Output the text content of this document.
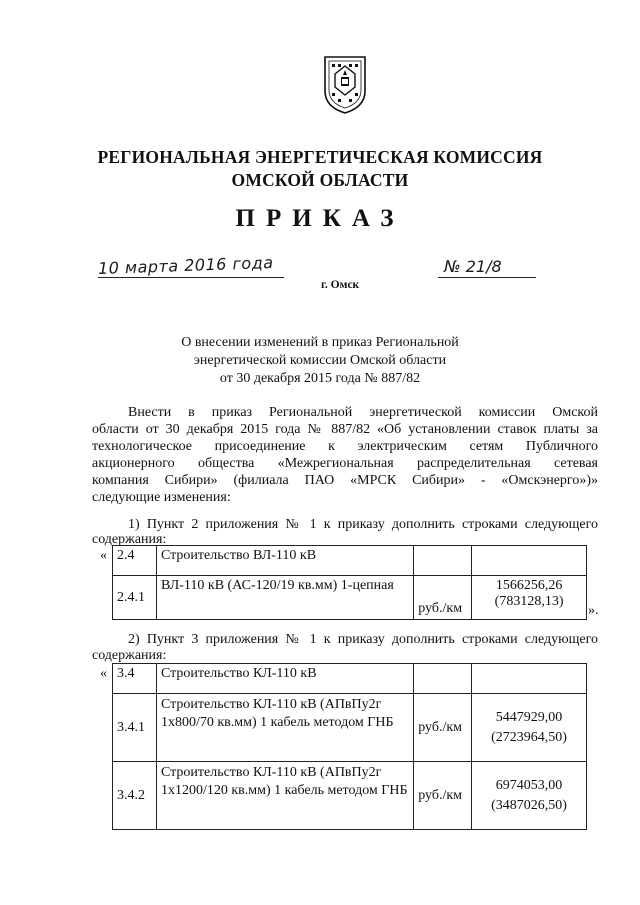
РЕГИОНАЛЬНАЯ ЭНЕРГЕТИЧЕСКАЯ КОМИССИЯ
ОМСКОЙ ОБЛАСТИ
ПРИКАЗ
10 марта 2016 года
г. Омск
№ 21/8
О внесении изменений в приказ Региональной
энергетической комиссии Омской области
от 30 декабря 2015 года № 887/82
Внести в приказ Региональной энергетической комиссии Омской
области от 30 декабря 2015 года № 887/82 «Об установлении ставок платы за
технологическое присоединение к электрическим сетям Публичного
акционерного общества «Межрегиональная распределительная сетевая
компания Сибири» (филиала ПАО «МРСК Сибири» - «Омскэнерго»)»
следующие изменения:
1) Пункт 2 приложения № 1 к приказу дополнить строками следующего
содержания:
« 2.4	Строительство ВЛ-110 кВ		
2.4.1	ВЛ-110 кВ (АС-120/19 кв.мм) 1-цепная	руб./км	1566256,26
(783128,13)
».
2) Пункт 3 приложения № 1 к приказу дополнить строками следующего
содержания:
« 3.4	Строительство КЛ-110 кВ		
3.4.1	Строительство КЛ-110 кВ (АПвПу2г 1х800/70 кв.мм) 1 кабель методом ГНБ	руб./км	5447929,00
(2723964,50)

3.4.2	Строительство КЛ-110 кВ (АПвПу2г 1х1200/120 кв.мм) 1 кабель методом ГНБ	руб./км	6974053,00
(3487026,50)
